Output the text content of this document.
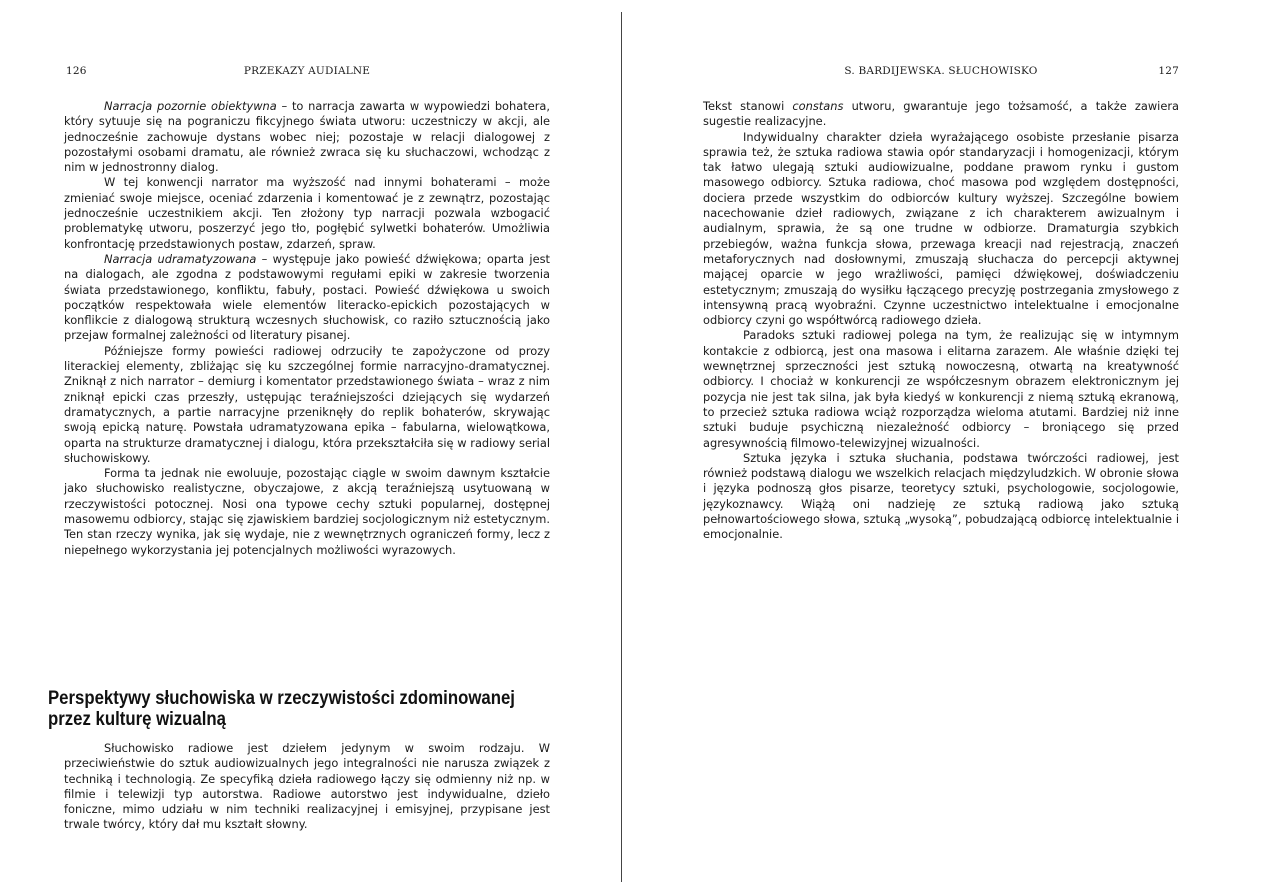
126	PRZEKAZY AUDIALNE

Narracja pozornie obiektywna – to narracja zawarta w wypowiedzi bohatera, który sytuuje się na pograniczu fikcyjnego świata utworu: uczestniczy w akcji, ale jednocześnie zachowuje dystans wobec niej; pozostaje w relacji dialogowej z pozostałymi osobami dramatu, ale również zwraca się ku słuchaczowi, wchodząc z nim w jednostronny dialog.

W tej konwencji narrator ma wyższość nad innymi bohaterami – może zmieniać swoje miejsce, oceniać zdarzenia i komentować je z zewnątrz, pozostając jednocześnie uczestnikiem akcji. Ten złożony typ narracji pozwala wzbogacić problematykę utworu, poszerzyć jego tło, pogłębić sylwetki bohaterów. Umożliwia konfrontację przedstawionych postaw, zdarzeń, spraw.

Narracja udramatyzowana – występuje jako powieść dźwiękowa; oparta jest na dialogach, ale zgodna z podstawowymi regułami epiki w zakresie tworzenia świata przedstawionego, konfliktu, fabuły, postaci. Powieść dźwiękowa u swoich początków respektowała wiele elementów literacko-epickich pozostających w konflikcie z dialogową strukturą wczesnych słuchowisk, co raziło sztucznością jako przejaw formalnej zależności od literatury pisanej.

Późniejsze formy powieści radiowej odrzuciły te zapożyczone od prozy literackiej elementy, zbliżając się ku szczególnej formie narracyjno-dramatycznej. Zniknął z nich narrator – demiurg i komentator przedstawionego świata – wraz z nim zniknął epicki czas przeszły, ustępując teraźniejszości dziejących się wydarzeń dramatycznych, a partie narracyjne przeniknęły do replik bohaterów, skrywając swoją epicką naturę. Powstała udramatyzowana epika – fabularna, wielowątkowa, oparta na strukturze dramatycznej i dialogu, która przekształciła się w radiowy serial słuchowiskowy.

Forma ta jednak nie ewoluuje, pozostając ciągle w swoim dawnym kształcie jako słuchowisko realistyczne, obyczajowe, z akcją teraźniejszą usytuowaną w rzeczywistości potocznej. Nosi ona typowe cechy sztuki popularnej, dostępnej masowemu odbiorcy, stając się zjawiskiem bardziej socjologicznym niż estetycznym. Ten stan rzeczy wynika, jak się wydaje, nie z wewnętrznych ograniczeń formy, lecz z niepełnego wykorzystania jej potencjalnych możliwości wyrazowych.

Perspektywy słuchowiska w rzeczywistości zdominowanej przez kulturę wizualną

Słuchowisko radiowe jest dziełem jedynym w swoim rodzaju. W przeciwieństwie do sztuk audiowizualnych jego integralności nie narusza związek z techniką i technologią. Ze specyfiką dzieła radiowego łączy się odmienny niż np. w filmie i telewizji typ autorstwa. Radiowe autorstwo jest indywidualne, dzieło foniczne, mimo udziału w nim techniki realizacyjnej i emisyjnej, przypisane jest trwale twórcy, który dał mu kształt słowny.

S. BARDIJEWSKA. SŁUCHOWISKO	127

Tekst stanowi constans utworu, gwarantuje jego tożsamość, a także zawiera sugestie realizacyjne.

Indywidualny charakter dzieła wyrażającego osobiste przesłanie pisarza sprawia też, że sztuka radiowa stawia opór standaryzacji i homogenizacji, którym tak łatwo ulegają sztuki audiowizualne, poddane prawom rynku i gustom masowego odbiorcy. Sztuka radiowa, choć masowa pod względem dostępności, dociera przede wszystkim do odbiorców kultury wyższej. Szczególne bowiem nacechowanie dzieł radiowych, związane z ich charakterem awizualnym i audialnym, sprawia, że są one trudne w odbiorze. Dramaturgia szybkich przebiegów, ważna funkcja słowa, przewaga kreacji nad rejestracją, znaczeń metaforycznych nad dosłownymi, zmuszają słuchacza do percepcji aktywnej mającej oparcie w jego wrażliwości, pamięci dźwiękowej, doświadczeniu estetycznym; zmuszają do wysiłku łączącego precyzję postrzegania zmysłowego z intensywną pracą wyobraźni. Czynne uczestnictwo intelektualne i emocjonalne odbiorcy czyni go współtwórcą radiowego dzieła.

Paradoks sztuki radiowej polega na tym, że realizując się w intymnym kontakcie z odbiorcą, jest ona masowa i elitarna zarazem. Ale właśnie dzięki tej wewnętrznej sprzeczności jest sztuką nowoczesną, otwartą na kreatywność odbiorcy. I chociaż w konkurencji ze współczesnym obrazem elektronicznym jej pozycja nie jest tak silna, jak była kiedyś w konkurencji z niemą sztuką ekranową, to przecież sztuka radiowa wciąż rozporządza wieloma atutami. Bardziej niż inne sztuki buduje psychiczną niezależność odbiorcy – broniącego się przed agresywnością filmowo-telewizyjnej wizualności.

Sztuka języka i sztuka słuchania, podstawa twórczości radiowej, jest również podstawą dialogu we wszelkich relacjach międzyludzkich. W obronie słowa i języka podnoszą głos pisarze, teoretycy sztuki, psychologowie, socjologowie, językoznawcy. Wiążą oni nadzieję ze sztuką radiową jako sztuką pełnowartościowego słowa, sztuką „wysoką”, pobudzającą odbiorcę intelektualnie i emocjonalnie.
